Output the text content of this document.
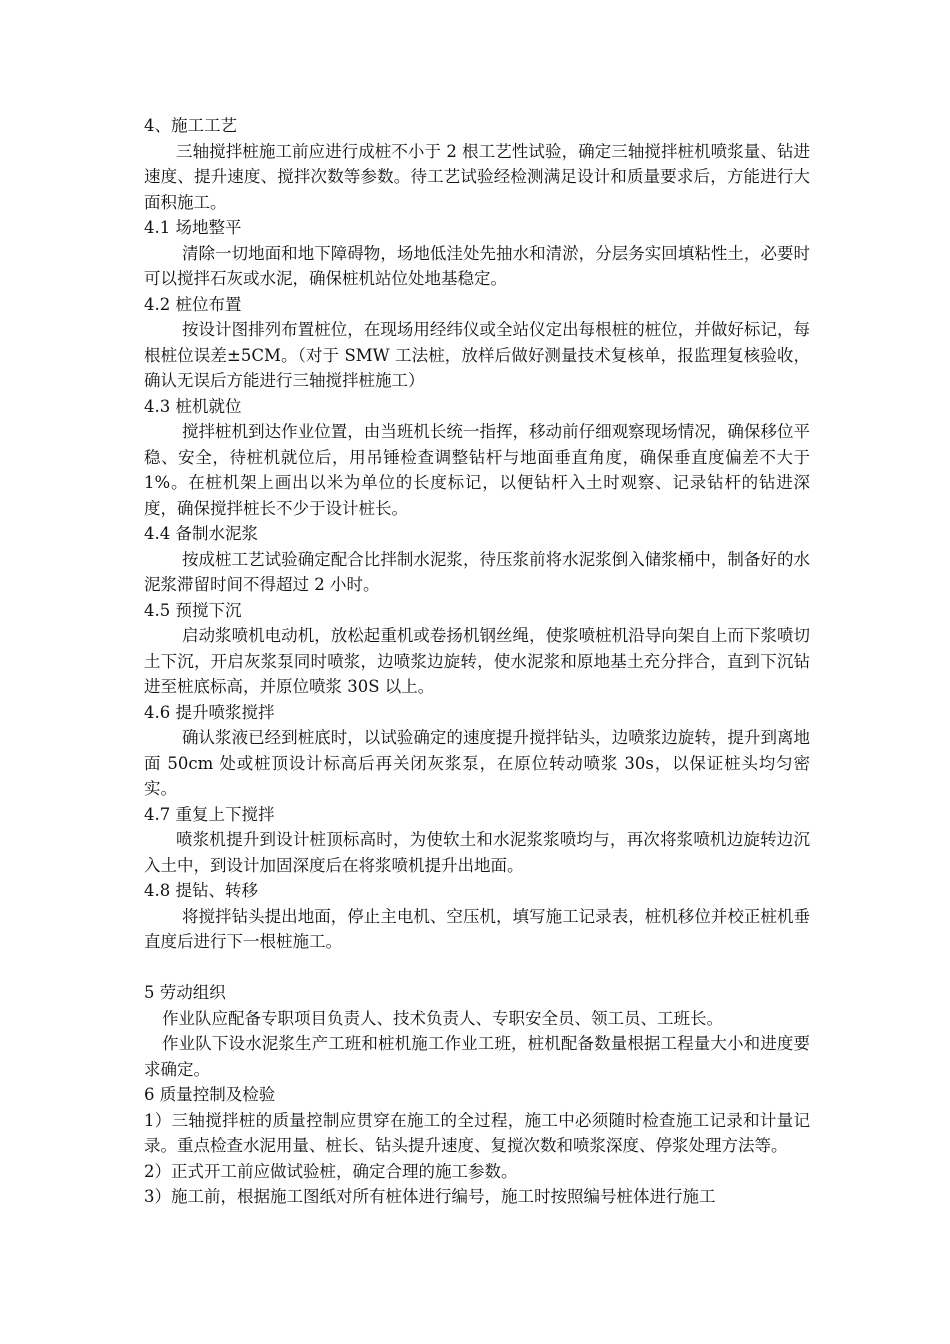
4、施工工艺
三轴搅拌桩施工前应进行成桩不小于 2 根工艺性试验，确定三轴搅拌桩机喷浆量、钻进速度、提升速度、搅拌次数等参数。待工艺试验经检测满足设计和质量要求后，方能进行大面积施工。
4.1 场地整平
清除一切地面和地下障碍物，场地低洼处先抽水和清淤，分层务实回填粘性土，必要时可以搅拌石灰或水泥，确保桩机站位处地基稳定。
4.2 桩位布置
按设计图排列布置桩位，在现场用经纬仪或全站仪定出每根桩的桩位，并做好标记，每根桩位误差±5CM。（对于 SMW 工法桩，放样后做好测量技术复核单，报监理复核验收，确认无误后方能进行三轴搅拌桩施工）
4.3 桩机就位
搅拌桩机到达作业位置，由当班机长统一指挥，移动前仔细观察现场情况，确保移位平稳、安全，待桩机就位后，用吊锤检查调整钻杆与地面垂直角度，确保垂直度偏差不大于 1%。在桩机架上画出以米为单位的长度标记，以便钻杆入土时观察、记录钻杆的钻进深度，确保搅拌桩长不少于设计桩长。
4.4 备制水泥浆
按成桩工艺试验确定配合比拌制水泥浆，待压浆前将水泥浆倒入储浆桶中，制备好的水泥浆滞留时间不得超过 2 小时。
4.5 预搅下沉
启动浆喷机电动机，放松起重机或卷扬机钢丝绳，使浆喷桩机沿导向架自上而下浆喷切土下沉，开启灰浆泵同时喷浆，边喷浆边旋转，使水泥浆和原地基土充分拌合，直到下沉钻进至桩底标高，并原位喷浆 30S 以上。
4.6 提升喷浆搅拌
确认浆液已经到桩底时，以试验确定的速度提升搅拌钻头，边喷浆边旋转，提升到离地面 50cm 处或桩顶设计标高后再关闭灰浆泵，在原位转动喷浆 30s，以保证桩头均匀密实。
4.7 重复上下搅拌
喷浆机提升到设计桩顶标高时，为使软土和水泥浆浆喷均与，再次将浆喷机边旋转边沉入土中，到设计加固深度后在将浆喷机提升出地面。
4.8 提钻、转移
将搅拌钻头提出地面，停止主电机、空压机，填写施工记录表，桩机移位并校正桩机垂直度后进行下一根桩施工。
5 劳动组织
作业队应配备专职项目负责人、技术负责人、专职安全员、领工员、工班长。
作业队下设水泥浆生产工班和桩机施工作业工班，桩机配备数量根据工程量大小和进度要求确定。
6 质量控制及检验
1）三轴搅拌桩的质量控制应贯穿在施工的全过程，施工中必须随时检查施工记录和计量记录。重点检查水泥用量、桩长、钻头提升速度、复搅次数和喷浆深度、停浆处理方法等。
2）正式开工前应做试验桩，确定合理的施工参数。
3）施工前，根据施工图纸对所有桩体进行编号，施工时按照编号桩体进行施工
